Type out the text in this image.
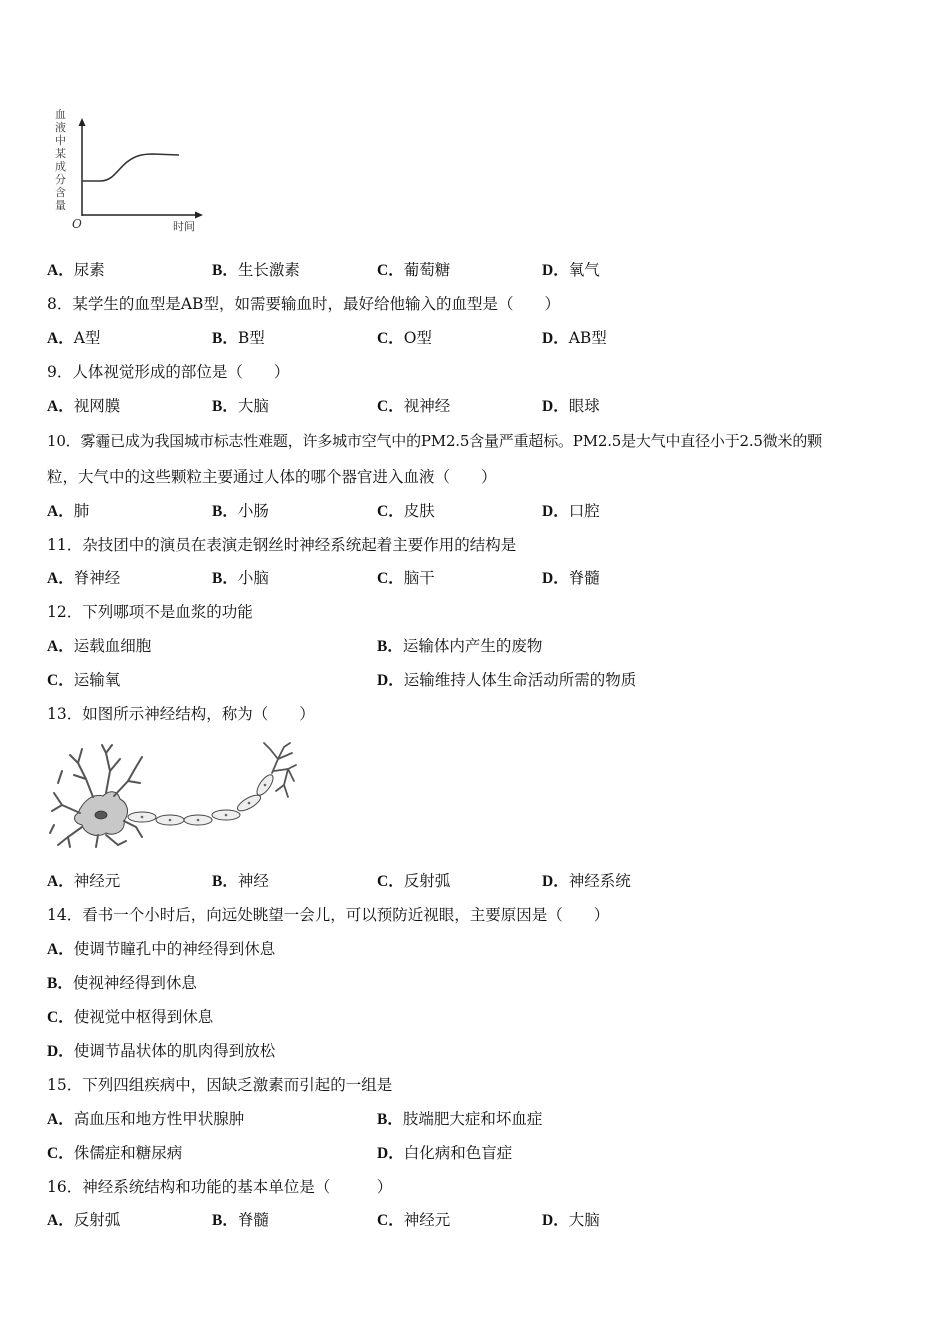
血
液
中
某
成
分
含
量
O	时间
A．尿素	B．生长激素	C．葡萄糖	D．氧气
8．某学生的血型是AB型，如需要输血时，最好给他输入的血型是（　　）
A．A型	B．B型	C．O型	D．AB型
9．人体视觉形成的部位是（　　）
A．视网膜	B．大脑	C．视神经	D．眼球
10．雾霾已成为我国城市标志性难题，许多城市空气中的PM2.5含量严重超标。PM2.5是大气中直径小于2.5微米的颗
粒，大气中的这些颗粒主要通过人体的哪个器官进入血液（　　）
A．肺	B．小肠	C．皮肤	D．口腔
11．杂技团中的演员在表演走钢丝时神经系统起着主要作用的结构是
A．脊神经	B．小脑	C．脑干	D．脊髓
12．下列哪项不是血浆的功能
A．运载血细胞	B．运输体内产生的废物
C．运输氧	D．运输维持人体生命活动所需的物质
13．如图所示神经结构，称为（　　）
A．神经元	B．神经	C．反射弧	D．神经系统
14．看书一个小时后，向远处眺望一会儿，可以预防近视眼，主要原因是（　　）
A．使调节瞳孔中的神经得到休息
B．使视神经得到休息
C．使视觉中枢得到休息
D．使调节晶状体的肌肉得到放松
15．下列四组疾病中，因缺乏激素而引起的一组是
A．高血压和地方性甲状腺肿	B．肢端肥大症和坏血症
C．侏儒症和糖尿病	D．白化病和色盲症
16．神经系统结构和功能的基本单位是（　　　）
A．反射弧	B．脊髓	C．神经元	D．大脑
